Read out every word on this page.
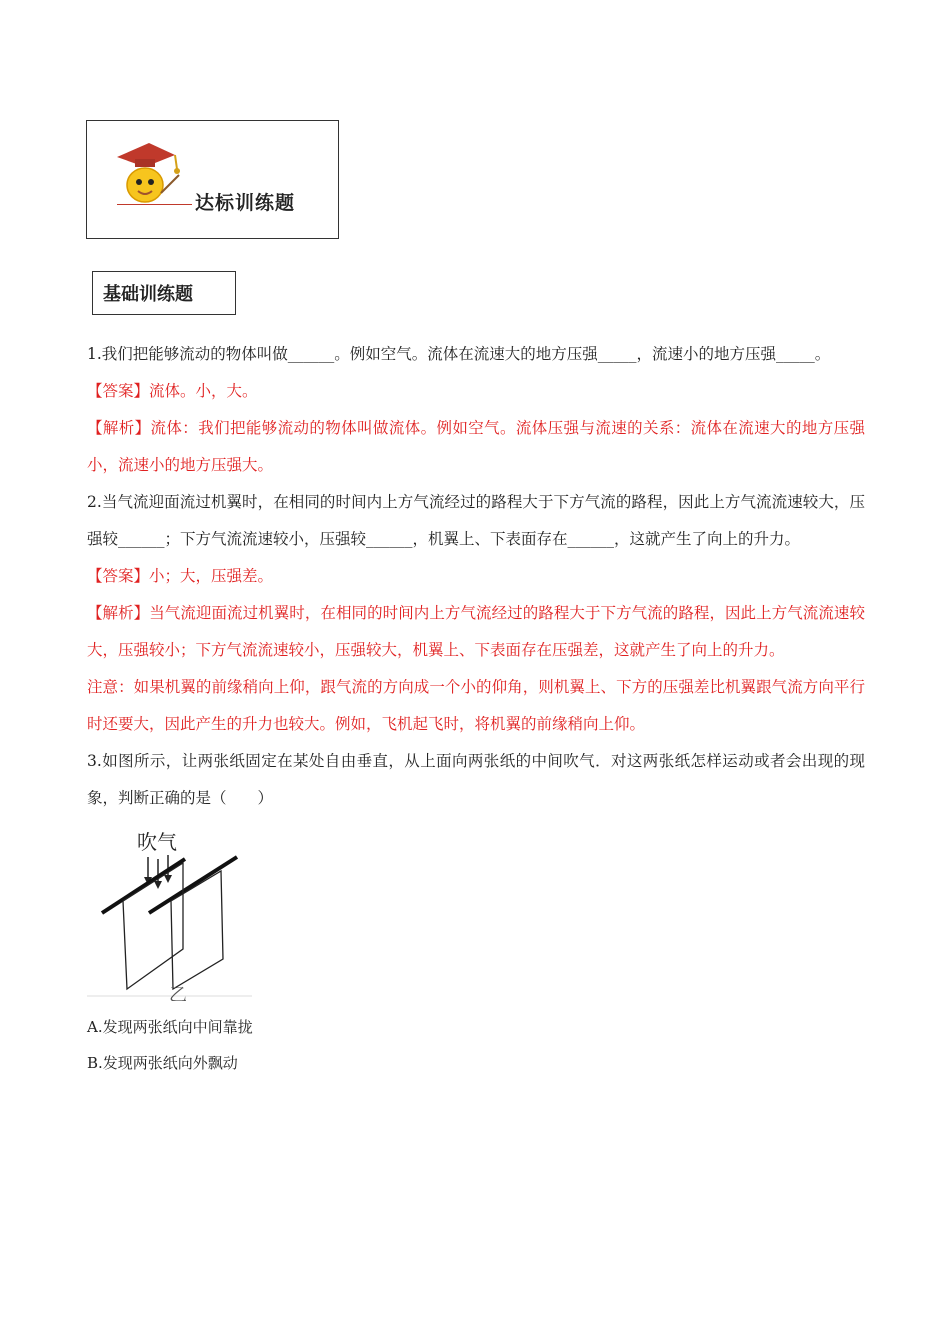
达标训练题
基础训练题

1.我们把能够流动的物体叫做______。例如空气。流体在流速大的地方压强_____，流速小的地方压强_____。

【答案】流体。小，大。

【解析】流体：我们把能够流动的物体叫做流体。例如空气。流体压强与流速的关系：流体在流速大的地方压强小，流速小的地方压强大。

2.当气流迎面流过机翼时，在相同的时间内上方气流经过的路程大于下方气流的路程，因此上方气流流速较大，压强较______；下方气流流速较小，压强较______，机翼上、下表面存在______，这就产生了向上的升力。

【答案】小；大，压强差。

【解析】当气流迎面流过机翼时，在相同的时间内上方气流经过的路程大于下方气流的路程，因此上方气流流速较大，压强较小；下方气流流速较小，压强较大，机翼上、下表面存在压强差，这就产生了向上的升力。

注意：如果机翼的前缘稍向上仰，跟气流的方向成一个小的仰角，则机翼上、下方的压强差比机翼跟气流方向平行时还要大，因此产生的升力也较大。例如，飞机起飞时，将机翼的前缘稍向上仰。

3.如图所示，让两张纸固定在某处自由垂直，从上面向两张纸的中间吹气．对这两张纸怎样运动或者会出现的现象，判断正确的是（　　）

吹气
乙

A.发现两张纸向中间靠拢

B.发现两张纸向外飘动
